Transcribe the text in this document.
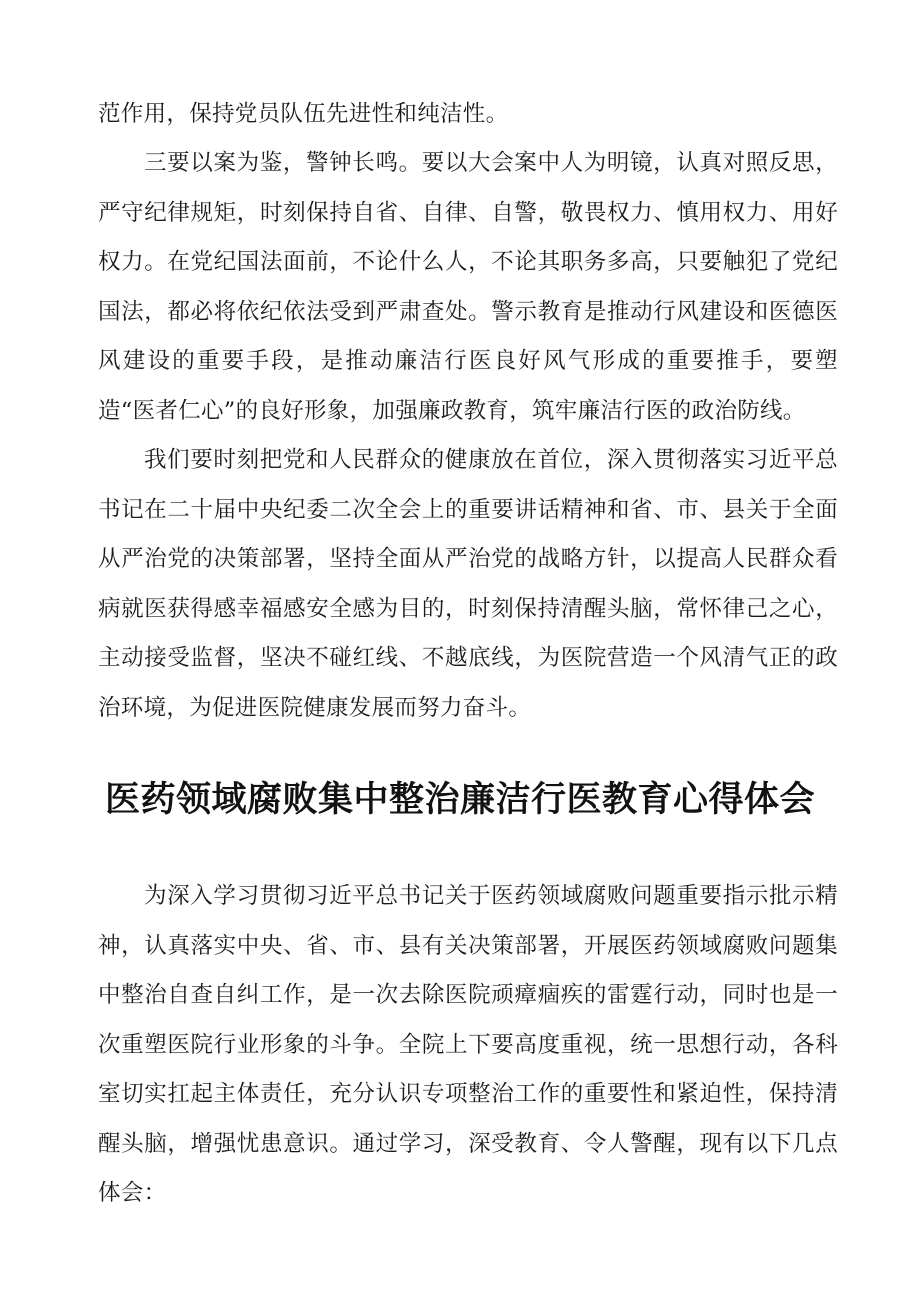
范作用，保持党员队伍先进性和纯洁性。

三要以案为鉴，警钟长鸣。要以大会案中人为明镜，认真对照反思，严守纪律规矩，时刻保持自省、自律、自警，敬畏权力、慎用权力、用好权力。在党纪国法面前，不论什么人，不论其职务多高，只要触犯了党纪国法，都必将依纪依法受到严肃查处。警示教育是推动行风建设和医德医风建设的重要手段，是推动廉洁行医良好风气形成的重要推手，要塑造“医者仁心”的良好形象，加强廉政教育，筑牢廉洁行医的政治防线。

我们要时刻把党和人民群众的健康放在首位，深入贯彻落实习近平总书记在二十届中央纪委二次全会上的重要讲话精神和省、市、县关于全面从严治党的决策部署，坚持全面从严治党的战略方针，以提高人民群众看病就医获得感幸福感安全感为目的，时刻保持清醒头脑，常怀律己之心，主动接受监督，坚决不碰红线、不越底线，为医院营造一个风清气正的政治环境，为促进医院健康发展而努力奋斗。

医药领域腐败集中整治廉洁行医教育心得体会

为深入学习贯彻习近平总书记关于医药领域腐败问题重要指示批示精神，认真落实中央、省、市、县有关决策部署，开展医药领域腐败问题集中整治自查自纠工作，是一次去除医院顽瘴痼疾的雷霆行动，同时也是一次重塑医院行业形象的斗争。全院上下要高度重视，统一思想行动，各科室切实扛起主体责任，充分认识专项整治工作的重要性和紧迫性，保持清醒头脑，增强忧患意识。通过学习，深受教育、令人警醒，现有以下几点体会：
